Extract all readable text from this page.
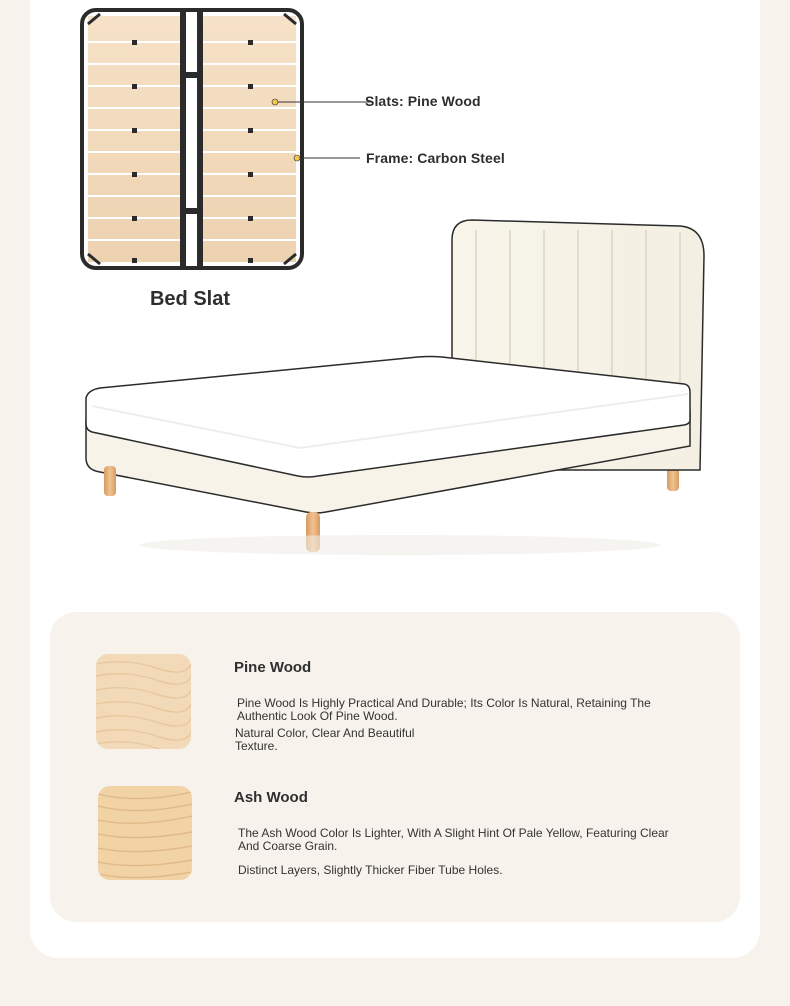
Slats: Pine Wood
Frame: Carbon Steel
Bed Slat
Pine Wood
Pine Wood Is Highly Practical And Durable; Its Color Is Natural, Retaining The Authentic Look Of Pine Wood.
Natural Color, Clear And Beautiful Texture.
Ash Wood
The Ash Wood Color Is Lighter, With A Slight Hint Of Pale Yellow, Featuring Clear And Coarse Grain.
Distinct Layers, Slightly Thicker Fiber Tube Holes.
